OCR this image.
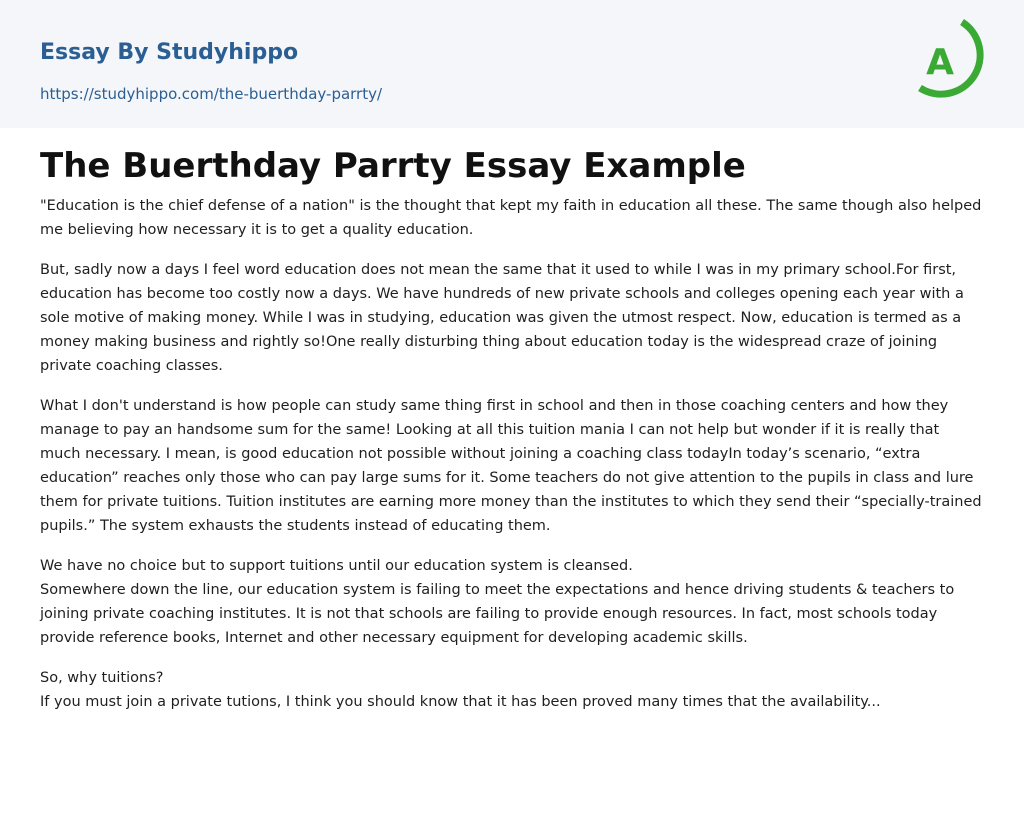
Essay By Studyhippo
https://studyhippo.com/the-buerthday-parrty/
A
The Buerthday Parrty Essay Example

"Education is the chief defense of a nation" is the thought that kept my faith in education all these. The same though also helped me believing how necessary it is to get a quality education.

But, sadly now a days I feel word education does not mean the same that it used to while I was in my primary school.For first, education has become too costly now a days. We have hundreds of new private schools and colleges opening each year with a sole motive of making money. While I was in studying, education was given the utmost respect. Now, education is termed as a money making business and rightly so!One really disturbing thing about education today is the widespread craze of joining private coaching classes.

What I don't understand is how people can study same thing first in school and then in those coaching centers and how they manage to pay an handsome sum for the same! Looking at all this tuition mania I can not help but wonder if it is really that much necessary. I mean, is good education not possible without joining a coaching class todayIn today’s scenario, “extra education” reaches only those who can pay large sums for it. Some teachers do not give attention to the pupils in class and lure them for private tuitions. Tuition institutes are earning more money than the institutes to which they send their “specially-trained pupils.” The system exhausts the students instead of educating them.

We have no choice but to support tuitions until our education system is cleansed.
Somewhere down the line, our education system is failing to meet the expectations and hence driving students & teachers to joining private coaching institutes. It is not that schools are failing to provide enough resources. In fact, most schools today provide reference books, Internet and other necessary equipment for developing academic skills.

So, why tuitions?
If you must join a private tutions, I think you should know that it has been proved many times that the availability...
